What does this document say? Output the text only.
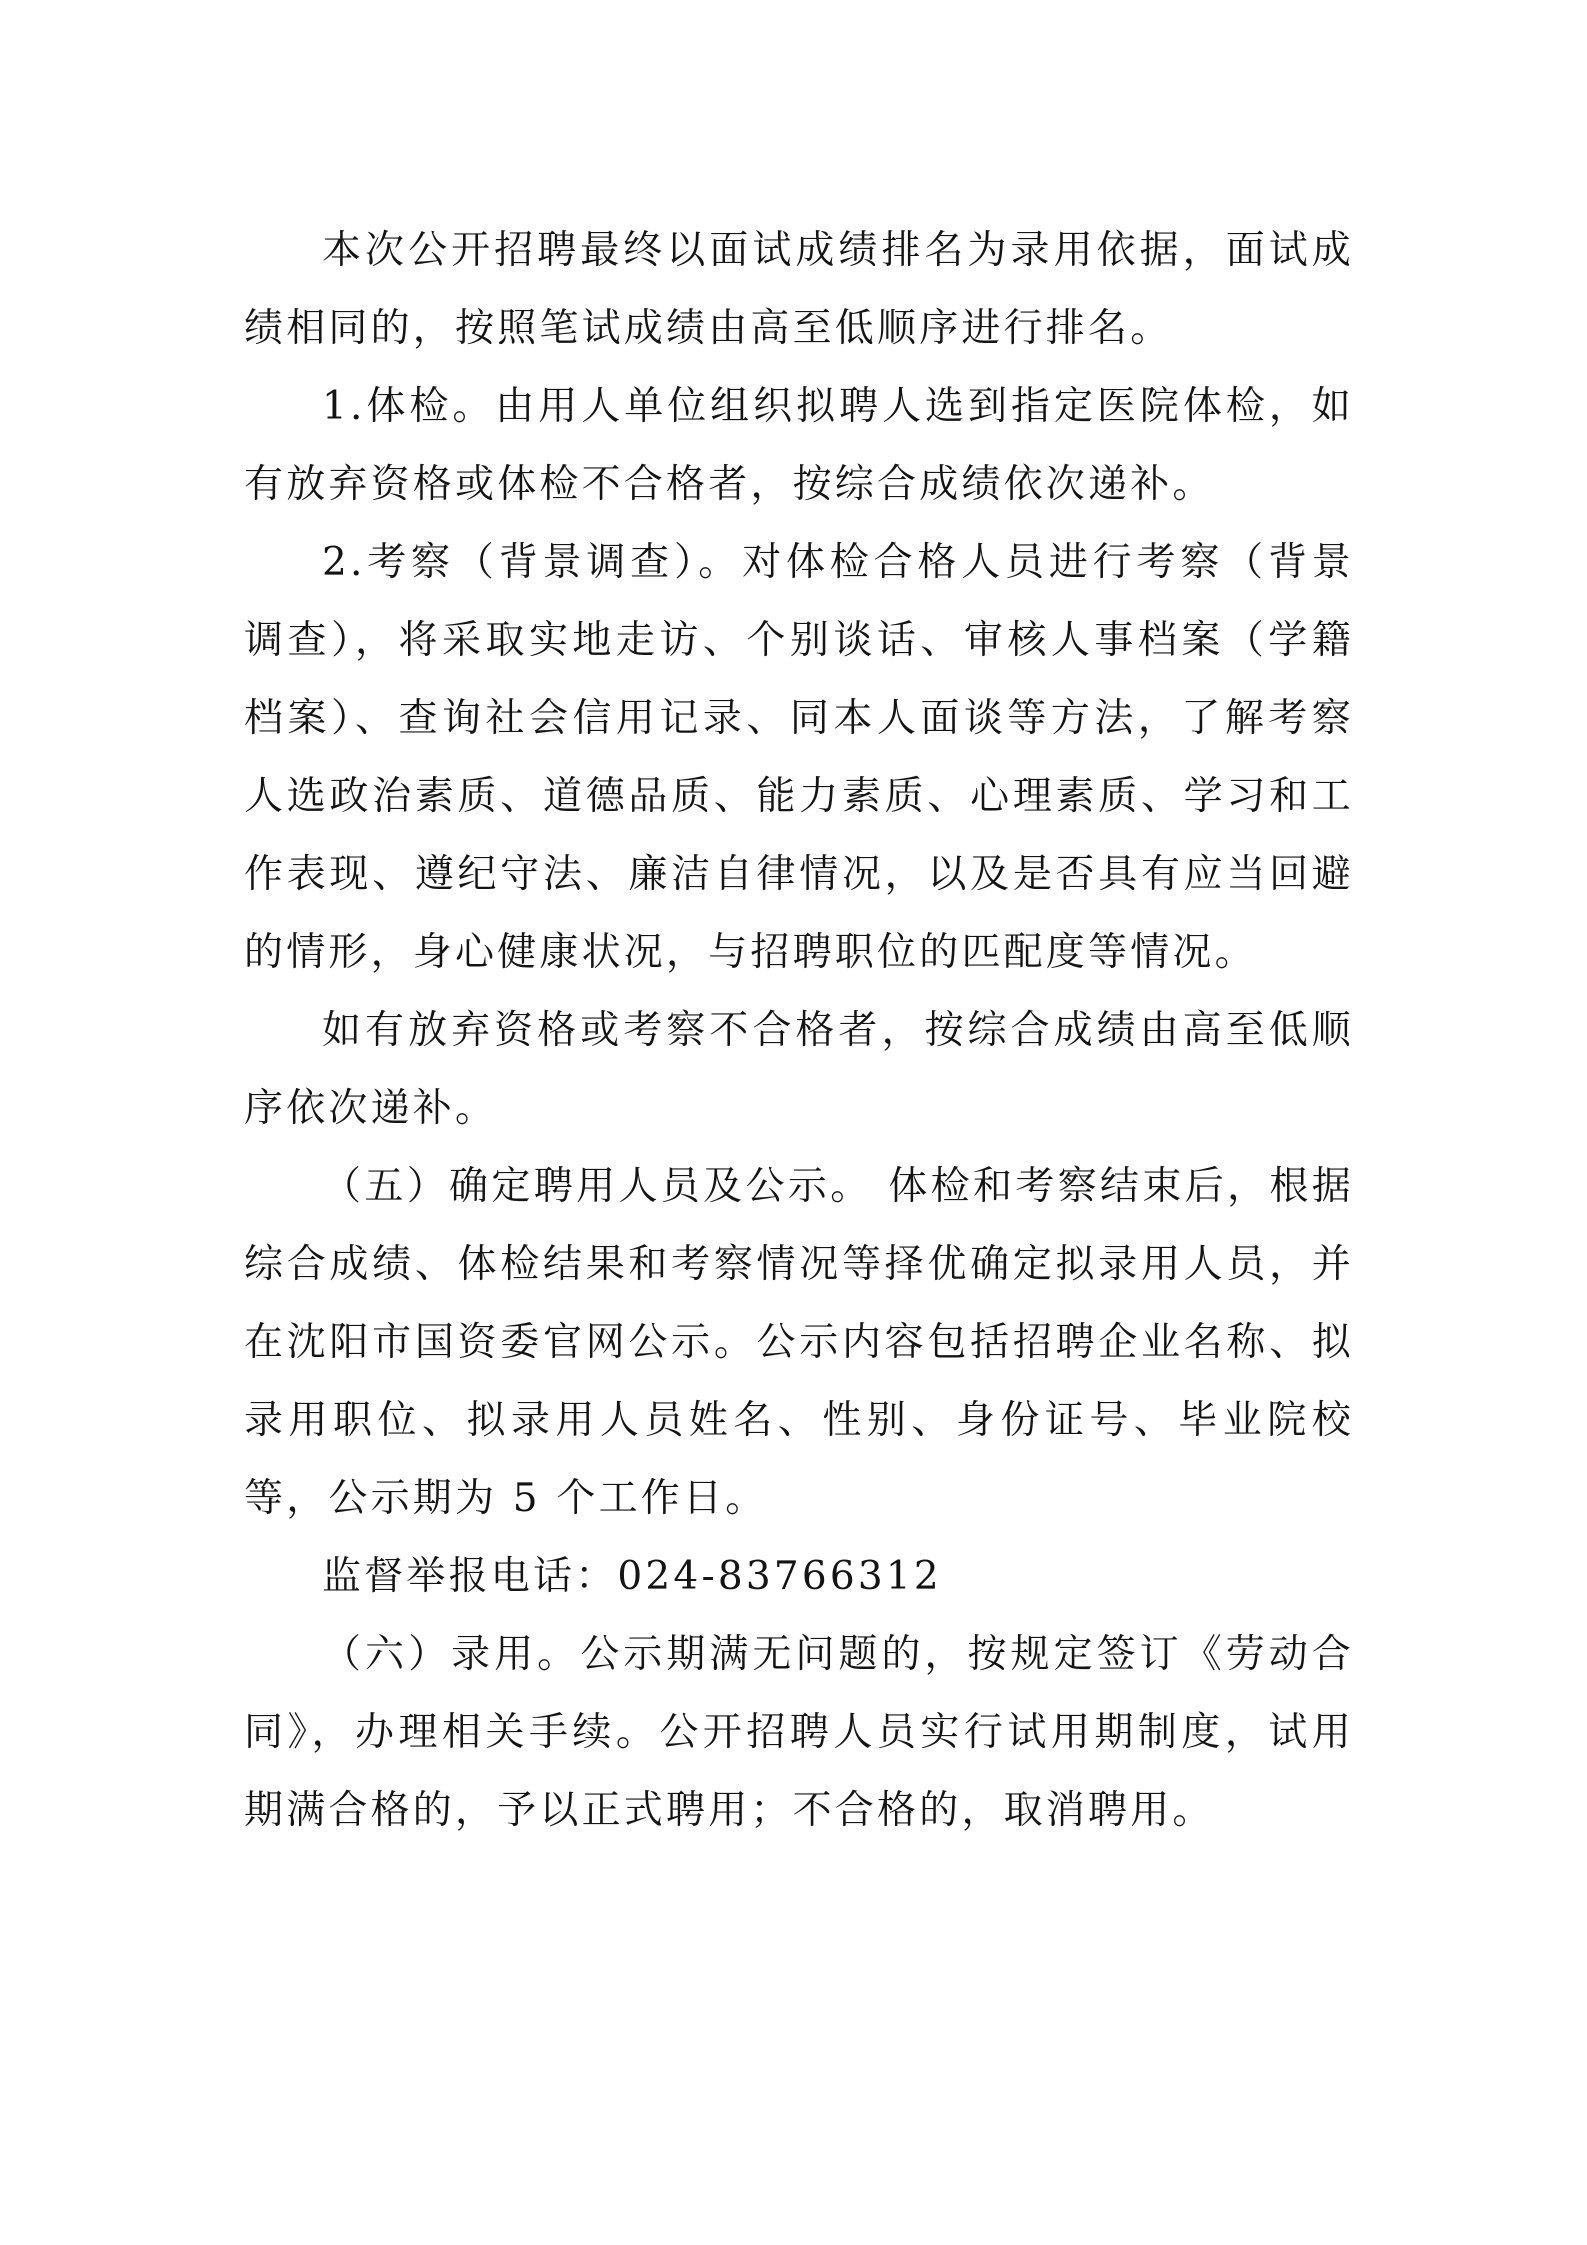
本次公开招聘最终以面试成绩排名为录用依据，面试成绩相同的，按照笔试成绩由高至低顺序进行排名。

1.体检。由用人单位组织拟聘人选到指定医院体检，如有放弃资格或体检不合格者，按综合成绩依次递补。

2.考察（背景调查）。对体检合格人员进行考察（背景调查），将采取实地走访、个别谈话、审核人事档案（学籍档案）、查询社会信用记录、同本人面谈等方法，了解考察人选政治素质、道德品质、能力素质、心理素质、学习和工作表现、遵纪守法、廉洁自律情况，以及是否具有应当回避的情形，身心健康状况，与招聘职位的匹配度等情况。

如有放弃资格或考察不合格者，按综合成绩由高至低顺序依次递补。

（五）确定聘用人员及公示。 体检和考察结束后，根据综合成绩、体检结果和考察情况等择优确定拟录用人员，并在沈阳市国资委官网公示。公示内容包括招聘企业名称、拟录用职位、拟录用人员姓名、性别、身份证号、毕业院校等，公示期为 5 个工作日。

监督举报电话：024-83766312

（六）录用。公示期满无问题的，按规定签订《劳动合同》，办理相关手续。公开招聘人员实行试用期制度，试用期满合格的，予以正式聘用；不合格的，取消聘用。
